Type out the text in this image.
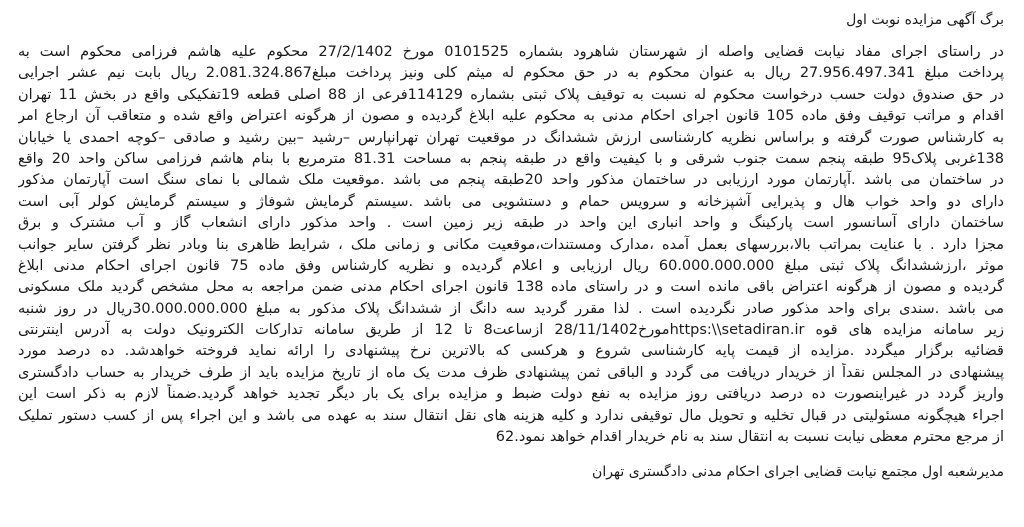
برگ آگهی مزایده نوبت اول
در راستای اجرای مفاد نیابت قضایی واصله از شهرستان شاهرود بشماره 0101525 مورخ 27/2/1402 محکوم علیه هاشم فرزامی محکوم است به
پرداخت مبلغ 27.956.497.341 ریال به عنوان محکوم به در حق محکوم له میثم کلی ونیز پرداخت مبلغ2.081.324.867 ریال بابت نیم عشر اجرایی
در حق صندوق دولت حسب درخواست محکوم له نسبت به توقیف پلاک ثبتی بشماره 114129فرعی از 88 اصلی قطعه 19تفکیکی واقع در بخش 11 تهران
اقدام و مراتب توقیف وفق ماده 105 قانون اجرای احکام مدنی به محکوم علیه ابلاغ گردیده و مصون از هرگونه اعتراض واقع شده و متعاقب آن ارجاع امر
به کارشناس صورت گرفته و براساس نظریه کارشناسی ارزش ششدانگ در موقعیت تهران تهرانپارس –رشید –بین رشید و صادقی –کوچه احمدی یا خیابان
138غربی پلاک95 طبقه پنجم سمت جنوب شرقی و با کیفیت واقع در طبقه پنجم به مساحت 81.31 مترمربع با بنام هاشم فرزامی ساکن واحد 20 واقع
در ساختمان می باشد .آپارتمان مورد ارزیابی در ساختمان مذکور واحد 20طبقه پنجم می باشد .موقعیت ملک شمالی با نمای سنگ است آپارتمان مذکور
دارای دو واحد خواب هال و پذیرایی آشپزخانه و سرویس حمام و دستشویی می باشد .سیستم گرمایش شوفاژ و سیستم گرمایش کولر آبی است
ساختمان دارای آسانسور است پارکینگ و واحد انباری این واحد در طبقه زیر زمین است . واحد مذکور دارای انشعاب گاز و آب مشترک و برق
مجزا دارد . با عنایت بمراتب بالا،بررسهای بعمل آمده ،مدارک ومستندات،موقعیت مکانی و زمانی ملک ، شرایط ظاهری بنا وبادر نظر گرفتن سایر جوانب
موثر ،ارزششدانگ پلاک ثبتی مبلغ 60.000.000.000 ریال ارزیابی و اعلام گردیده و نظریه کارشناس وفق ماده 75 قانون اجرای احکام مدنی ابلاغ
گردیده و مصون از هرگونه اعتراض باقی مانده است و در راستای ماده 138 قانون اجرای احکام مدنی ضمن مراجعه به محل مشخص گردید ملک مسکونی
می باشد .سندی برای واحد مذکور صادر نگردیده است . لذا مقرر گردید سه دانگ از ششدانگ پلاک مذکور به مبلغ 30.000.000.000ریال در روز شنبه
زیر سامانه مزایده های قوه https:\\setadiran.irمورخ28/11/1402 ازساعت8 تا 12 از طریق سامانه تدارکات الکترونیک دولت به آدرس اینترنتی
قضائیه برگزار میگردد .مزایده از قیمت پایه کارشناسی شروع و هرکسی که بالاترین نرخ پیشنهادی را ارائه نماید فروخته خواهدشد. ده درصد مورد
پیشنهادی در المجلس نقداً از خریدار دریافت می گردد و الباقی ثمن پیشنهادی ظرف مدت یک ماه از تاریخ مزایده باید از طرف خریدار به حساب دادگستری
واریز گردد در غیراینصورت ده درصد دریافتی روز مزایده به نفع دولت ضبط و مزایده برای یک بار دیگر تجدید خواهد گردید.ضمناً لازم به ذکر است این
اجراء هیچگونه مسئولیتی در قبال تخلیه و تحویل مال توقیفی ندارد و کلیه هزینه های نقل انتقال سند به عهده می باشد و این اجراء پس از کسب دستور تملیک
از مرجع محترم معظی نیابت نسبت به انتقال سند به نام خریدار اقدام خواهد نمود.62
مدیرشعبه اول مجتمع نیابت قضایی اجرای احکام مدنی دادگستری تهران
